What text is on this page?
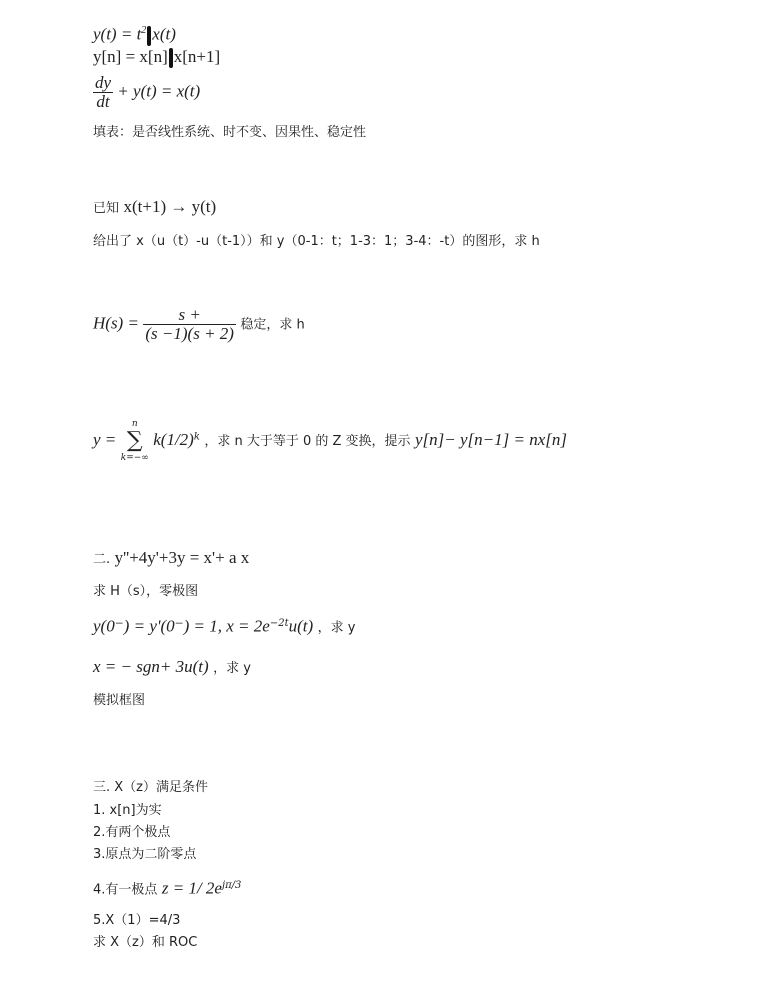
$y(t) = t^2$ x(t)
y[n] = x[n] x[n+1]
$\frac{dy}{dt} + y(t) = x(t)$
填表：是否线性系统、时不变、因果性、稳定性
已知 x(t+1) → y(t)
给出了 x（u（t）-u（t-1））和 y（0-1：t；1-3：1；3-4：-t）的图形，求 h
$H(s) = \frac{s +}{(s -1)(s + 2)}$ 稳定，求 h
y =
n
∑
k=−∞
$k(1/2)^k$ ，求 n 大于等于 0 的 Z 变换，提示 y[n]− y[n−1] = nx[n]
二. y''+4y'+3y = x'+ a x
求 H（s），零极图
y(0⁻) = y'(0⁻) = 1, $x = 2e^{-2t}u(t)$ ，求 y
x = − sgn+ 3u(t) ，求 y
模拟框图
三. X（z）满足条件
1. x[n]为实
2.有两个极点
3.原点为二阶零点
4.有一极点 z = 1/ $2e^{j\pi/3}$
5.X（1）=4/3
求 X（z）和 ROC
